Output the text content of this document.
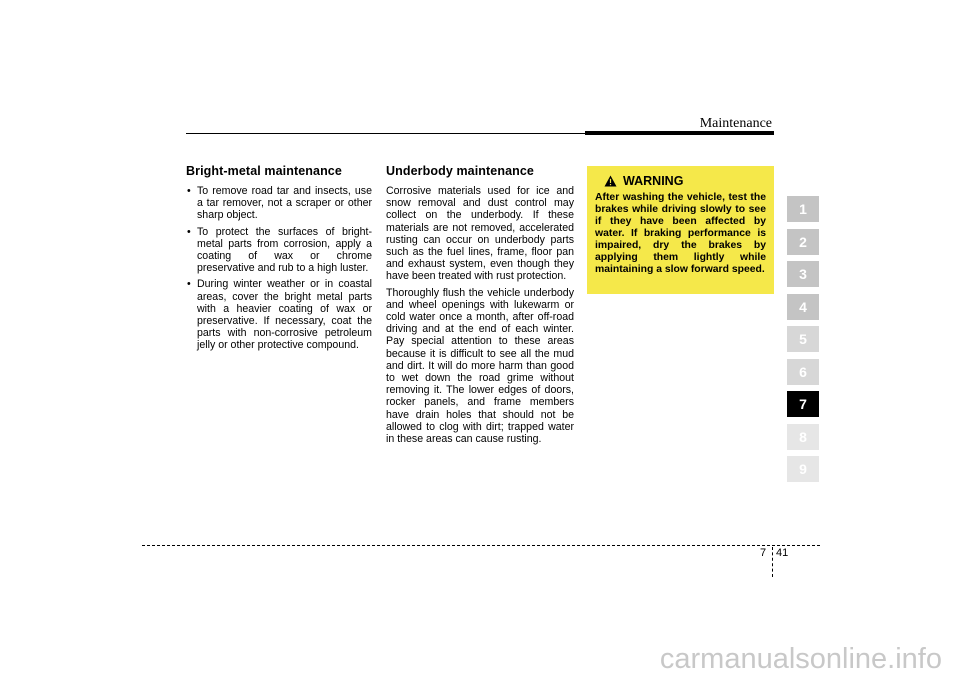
Maintenance
Bright-metal maintenance
• To remove road tar and insects, use a tar remover, not a scraper or other sharp object.
• To protect the surfaces of bright-metal parts from corrosion, apply a coating of wax or chrome preservative and rub to a high luster.
• During winter weather or in coastal areas, cover the bright metal parts with a heavier coating of wax or preservative. If necessary, coat the parts with non-corrosive petroleum jelly or other protective compound.
Underbody maintenance

Corrosive materials used for ice and snow removal and dust control may collect on the underbody. If these materials are not removed, accelerated rusting can occur on underbody parts such as the fuel lines, frame, floor pan and exhaust system, even though they have been treated with rust protection.

Thoroughly flush the vehicle underbody and wheel openings with lukewarm or cold water once a month, after off-road driving and at the end of each winter. Pay special attention to these areas because it is difficult to see all the mud and dirt. It will do more harm than good to wet down the road grime without removing it. The lower edges of doors, rocker panels, and frame members have drain holes that should not be allowed to clog with dirt; trapped water in these areas can cause rusting.

WARNING
After washing the vehicle, test the brakes while driving slowly to see if they have been affected by water. If braking performance is impaired, dry the brakes by applying them lightly while maintaining a slow forward speed.
1
2
3
4
5
6
7
8
9
7 41
carmanualsonline.info
